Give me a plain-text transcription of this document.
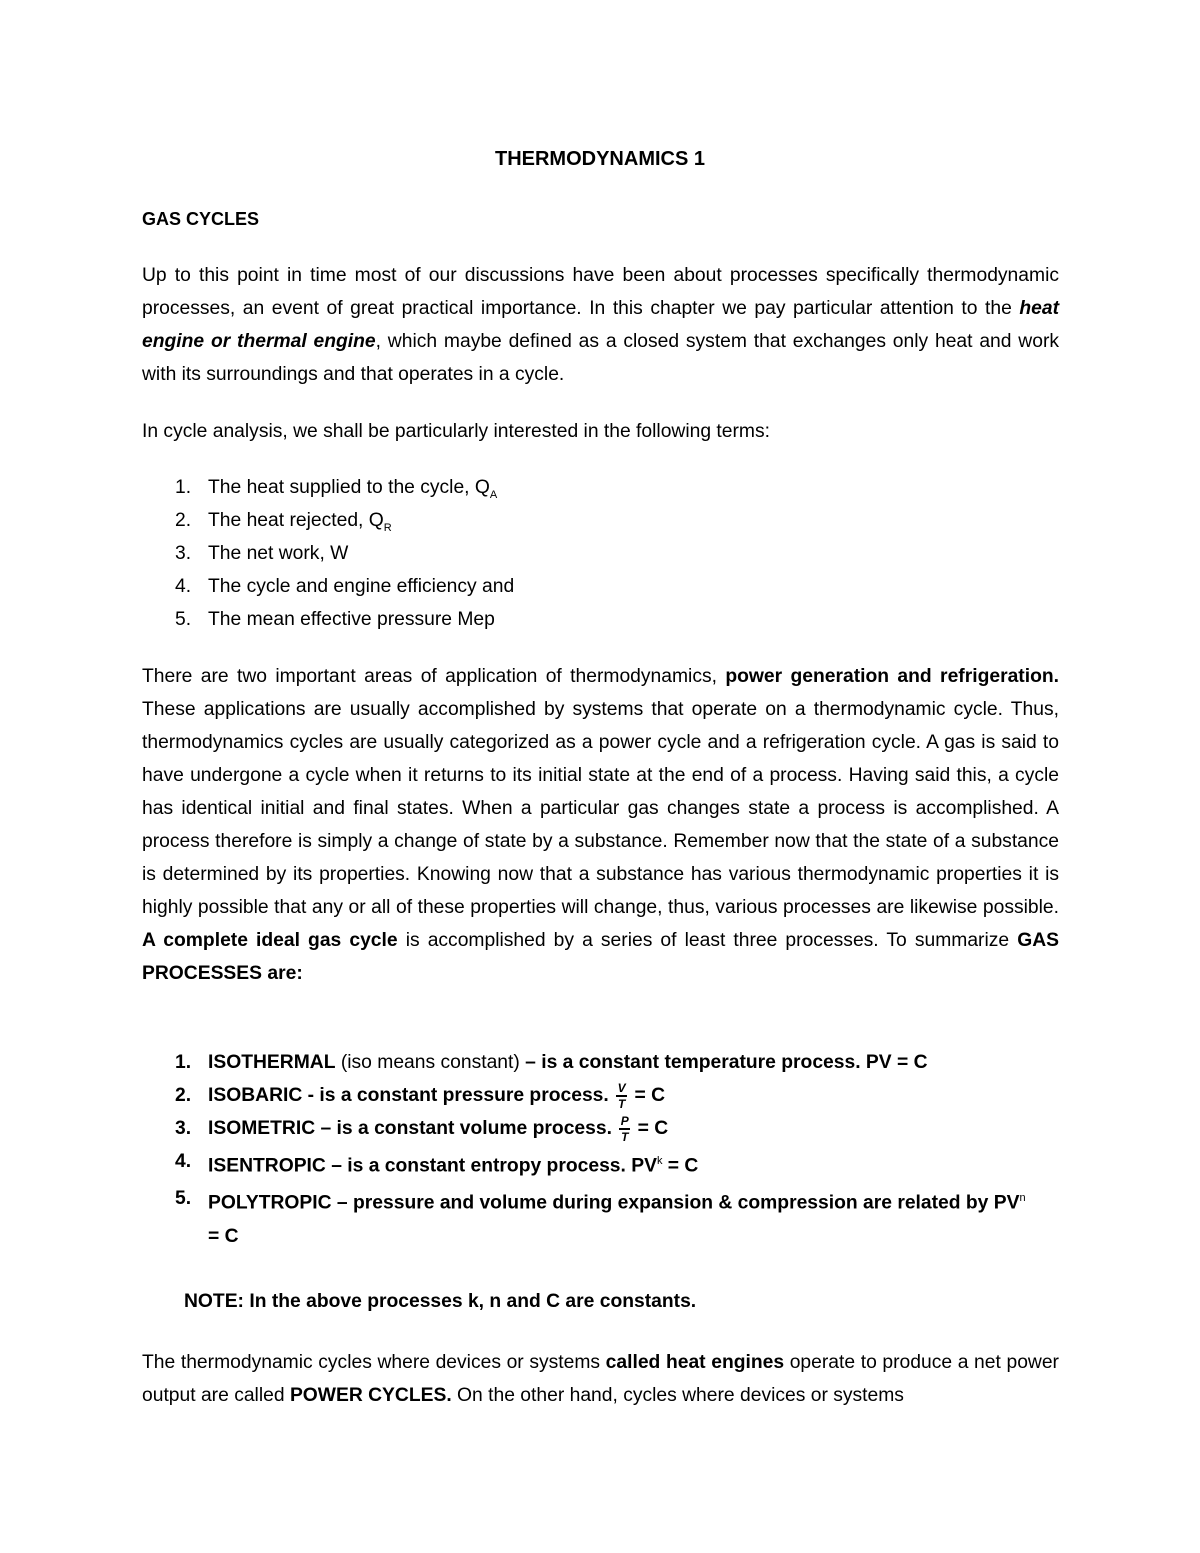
THERMODYNAMICS 1
GAS CYCLES
Up to this point in time most of our discussions have been about processes specifically thermodynamic processes, an event of great practical importance. In this chapter we pay particular attention to the heat engine or thermal engine, which maybe defined as a closed system that exchanges only heat and work with its surroundings and that operates in a cycle.
In cycle analysis, we shall be particularly interested in the following terms:
1. The heat supplied to the cycle, $Q_A$
2. The heat rejected, $Q_R$
3. The net work, W
4. The cycle and engine efficiency and
5. The mean effective pressure Mep
There are two important areas of application of thermodynamics, power generation and refrigeration. These applications are usually accomplished by systems that operate on a thermodynamic cycle. Thus, thermodynamics cycles are usually categorized as a power cycle and a refrigeration cycle. A gas is said to have undergone a cycle when it returns to its initial state at the end of a process. Having said this, a cycle has identical initial and final states. When a particular gas changes state a process is accomplished. A process therefore is simply a change of state by a substance. Remember now that the state of a substance is determined by its properties. Knowing now that a substance has various thermodynamic properties it is highly possible that any or all of these properties will change, thus, various processes are likewise possible. A complete ideal gas cycle is accomplished by a series of least three processes. To summarize GAS PROCESSES are:
1. ISOTHERMAL (iso means constant) – is a constant temperature process. PV = C
2. ISOBARIC - is a constant pressure process. $\frac{V}{T} = C$
3. ISOMETRIC – is a constant volume process. $\frac{P}{T} = C$
4. ISENTROPIC – is a constant entropy process. $PV^k = C$
5. POLYTROPIC – pressure and volume during expansion & compression are related by $PV^n = C$
NOTE: In the above processes k, n and C are constants.
The thermodynamic cycles where devices or systems called heat engines operate to produce a net power output are called POWER CYCLES. On the other hand, cycles where devices or systems
